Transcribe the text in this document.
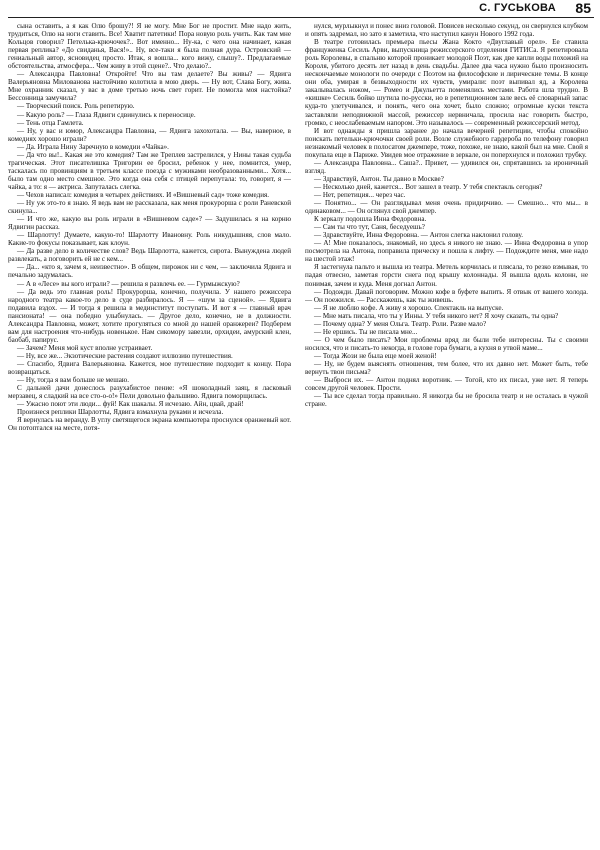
С. ГУСЬКОВА 85

сына оставить, а я как Олю брошу?! Я не могу. Мне Бог не простит. Мне надо жить, трудиться, Олю на ноги ставить. Все! Хватит патетики! Пора новую роль учить. Как там мне Кольцов говорил? Петелька-крючочек?.. Вот именно... Ну-ка, с чего она начинает, какая первая реплика? «До свиданья, Вася!».. Ну, все-таки я была полная дура. Островский — гениальный автор, ясновидец просто. Итак, я вошла... кого вижу, слышу?.. Предлагаемые обстоятельства, атмосфера... Чем живу в этой сцене?.. Что делаю?..

— Александра Павловна! Откройте! Что вы там делаете? Вы живы? — Ядвига Валерьяновна Милованова настойчиво колотила в мою дверь. — Ну вот, Слава Богу, жива. Мне охранник сказал, у вас в доме третью ночь свет горит. Не помогла моя настойка? Бессонница замучила?

— Творческий поиск. Роль репетирую.

— Какую роль? — Глаза Ядвиги сдвинулись к переносице.

— Тень отца Гамлета.

— Ну, у вас и юмор, Александра Павловна, — Ядвига захохотала. — Вы, наверное, в комедиях хорошо играли?

— Да. Играла Нину Заречную в комедии «Чайка».

— Да что вы!.. Какая же это комедия? Там же Треплев застрелился, у Нины такая судьба трагическая. Этот писателишка Тригорин ее бросил, ребенок у нее, помнится, умер, таскалась по провинциям в третьем классе поезда с мужиками необразованными... Хотя... было там одно место смешное. Это когда она себя с птицей перепутала: то, говорит, я — чайка, а то: я — актриса. Запуталась слегка.

— Чехов написал: комедия в четырех действиях. И «Вишневый сад» тоже комедия.

— Ну уж это-то я знаю. Я ведь вам не рассказала, как меня прокурорша с роли Раневской скинула...

— И что же, какую вы роль играли в «Вишневом саде»? — Задушилась я на корню Ядвигин рассказ.

— Шарлотту! Думаете, какую-то! Шарлотту Ивановну. Роль никудышняя, слов мало. Какие-то фокусы показывает, как клоун.

— Да разве дело в количестве слов? Ведь Шарлотта, кажется, сирота. Вынуждена людей развлекать, а поговорить ей не с кем...

— Да... «кто я, зачем я, неизвестно». В общем, пирожок ни с чем, — заключила Ядвига и печально задумалась.

— А в «Лесе» вы кого играли? — решила я развлечь ее. — Гурмыжскую?

— Да ведь это главная роль! Прокурорша, конечно, получила. У нашего режиссера народного театра какое-то дело в суде разбиралось. Я — «шум за сценой». — Ядвига подавила вздох. — И тогда я решила в мединститут поступать. И вот я — главный врач пансионата! — она победно улыбнулась. — Другое дело, конечно, не в должности. Александра Павловна, может, хотите прогуляться со мной до нашей оранжереи? Подберем вам для настроения что-нибудь новенькое. Нам сикомору завезли, орхидеи, амурский клен, баобаб, папирус.

— Зачем? Меня мой куст вполне устраивает.

— Ну, все же... Экзотические растения создают иллюзию путешествия.

— Спасибо, Ядвига Валерьяновна. Кажется, мое путешествие подходит к концу. Пора возвращаться.

— Ну, тогда я вам больше не мешаю.

С дальней дачи донеслось разухабистое пение: «Я шоколадный заяц, я ласковый мерзавец, я сладкий на все сто-о-о!» Пели довольно фальшиво. Ядвига поморщилась.

— Ужасно поют эти люди... фуй! Как шакалы. Я исчезаю. Айн, цвай, драй!

Произнеся реплики Шарлотты, Ядвига взмахнула руками и исчезла.

Я вернулась на веранду. В углу светящегося экрана компьютера проснулся оранжевый кот. Он потоптался на месте, потя-

нулся, мурлыкнул и понес вниз головой. Повисев несколько секунд, он свернулся клубком и опять задремал, но зато я заметила, что наступил канун Нового 1992 года.

В театре готовилась премьера пьесы Жана Кокто «Двуглавый орел». Ее ставила француженка Сесиль Арви, выпускница режиссерского отделения ГИТИСа. Я репетировала роль Королевы, в спальню которой проникает молодой Поэт, как две капли воды похожий на Короля, убитого десять лет назад в день свадьбы. Далее два часа нужно было произносить нескончаемые монологи по очереди с Поэтом на философские и лирические темы. В конце они оба, умирая в безвыходности их чувств, умирали: поэт выпивал яд, а Королева закалывалась ножом, — Ромео и Джульетта поменялись местами. Работа шла трудно. В «кишке» Сесиль бойко шутила по-русски, но в репетиционном зале весь её словарный запас куда-то улетучивался, и понять, чего она хочет, было сложно; огромные куски текста заставляли неподвижной массой, режиссер нервничала, просила нас говорить быстро, громко, с неослабеваемым напором. Это называлось — современный режиссерский метод.

И вот однажды я пришла заранее до начала вечерней репетиции, чтобы спокойно поискать петельки-крючочки своей роли. Возле служебного гардероба по телефону говорил незнакомый человек в полосатом джемпере, тоже, похоже, не знаю, какой был на мне. Свой я покупала еще в Париже. Увидев мое отражение в зеркале, он поперхнулся и положил трубку.

— Александра Павловна... Саша?.. Привет, — удивился он, спрятавшись за ироничный взгляд.

— Здравствуй, Антон. Ты давно в Москве?

— Несколько дней, кажется... Вот зашел в театр. У тебя спектакль сегодня?

— Нет, репетиция... через час.

— Понятно... — Он разглядывал меня очень придирчиво. — Смешно... что мы... в одинаковом... — Он оглянул свой джемпер.

К зеркалу подошла Инна Федоровна.

— Сам ты что тут, Саня, беседуешь?

— Здравствуйте, Инна Федоровна. — Антон слегка наклонил голову.

— А! Мне показалось, знакомый, но здесь я никого не знаю. — Инна Федоровна в упор посмотрела на Антона, поправила прическу и пошла к лифту. — Подождите меня, мне надо на шестой этаж!

Я застегнула пальто и вышла из театра. Метель корчилась и плясала, то резко взмывая, то падая отвесно, заметая горсти снега под крышу колоннады. Я вышла вдоль колонн, не понимая, зачем и куда. Меня догнал Антон.

— Подожди. Давай поговорим. Можно кофе в буфете выпить. Я отвык от вашего холода. — Он поежился. — Расскажешь, как ты живешь.

— Я не люблю кофе. А живу я хорошо. Спектакль на выпуске.

— Мне мать писала, что ты у Инны. У тебя никого нет? Я хочу сказать, ты одна?

— Почему одна? У меня Ольга. Театр. Роли. Разве мало?

— Не ершись. Ты не писала мне...

— О чем было писать? Мои проблемы вряд ли были тебе интересны. Ты с своими носился, что и писать-то некогда, в голове гора бумаги, а кухня в утвой маме...

— Тогда Жози не была еще моей женой!

— Ну, не будем выяснять отношения, тем более, что их давно нет. Может быть, тебе вернуть твои письма?

— Выброси их. — Антон поднял воротник. — Тогой, кто их писал, уже нет. Я теперь совсем другой человек. Прости.

— Ты все сделал тогда правильно. Я никогда бы не бросила театр и не осталась в чужой стране.
